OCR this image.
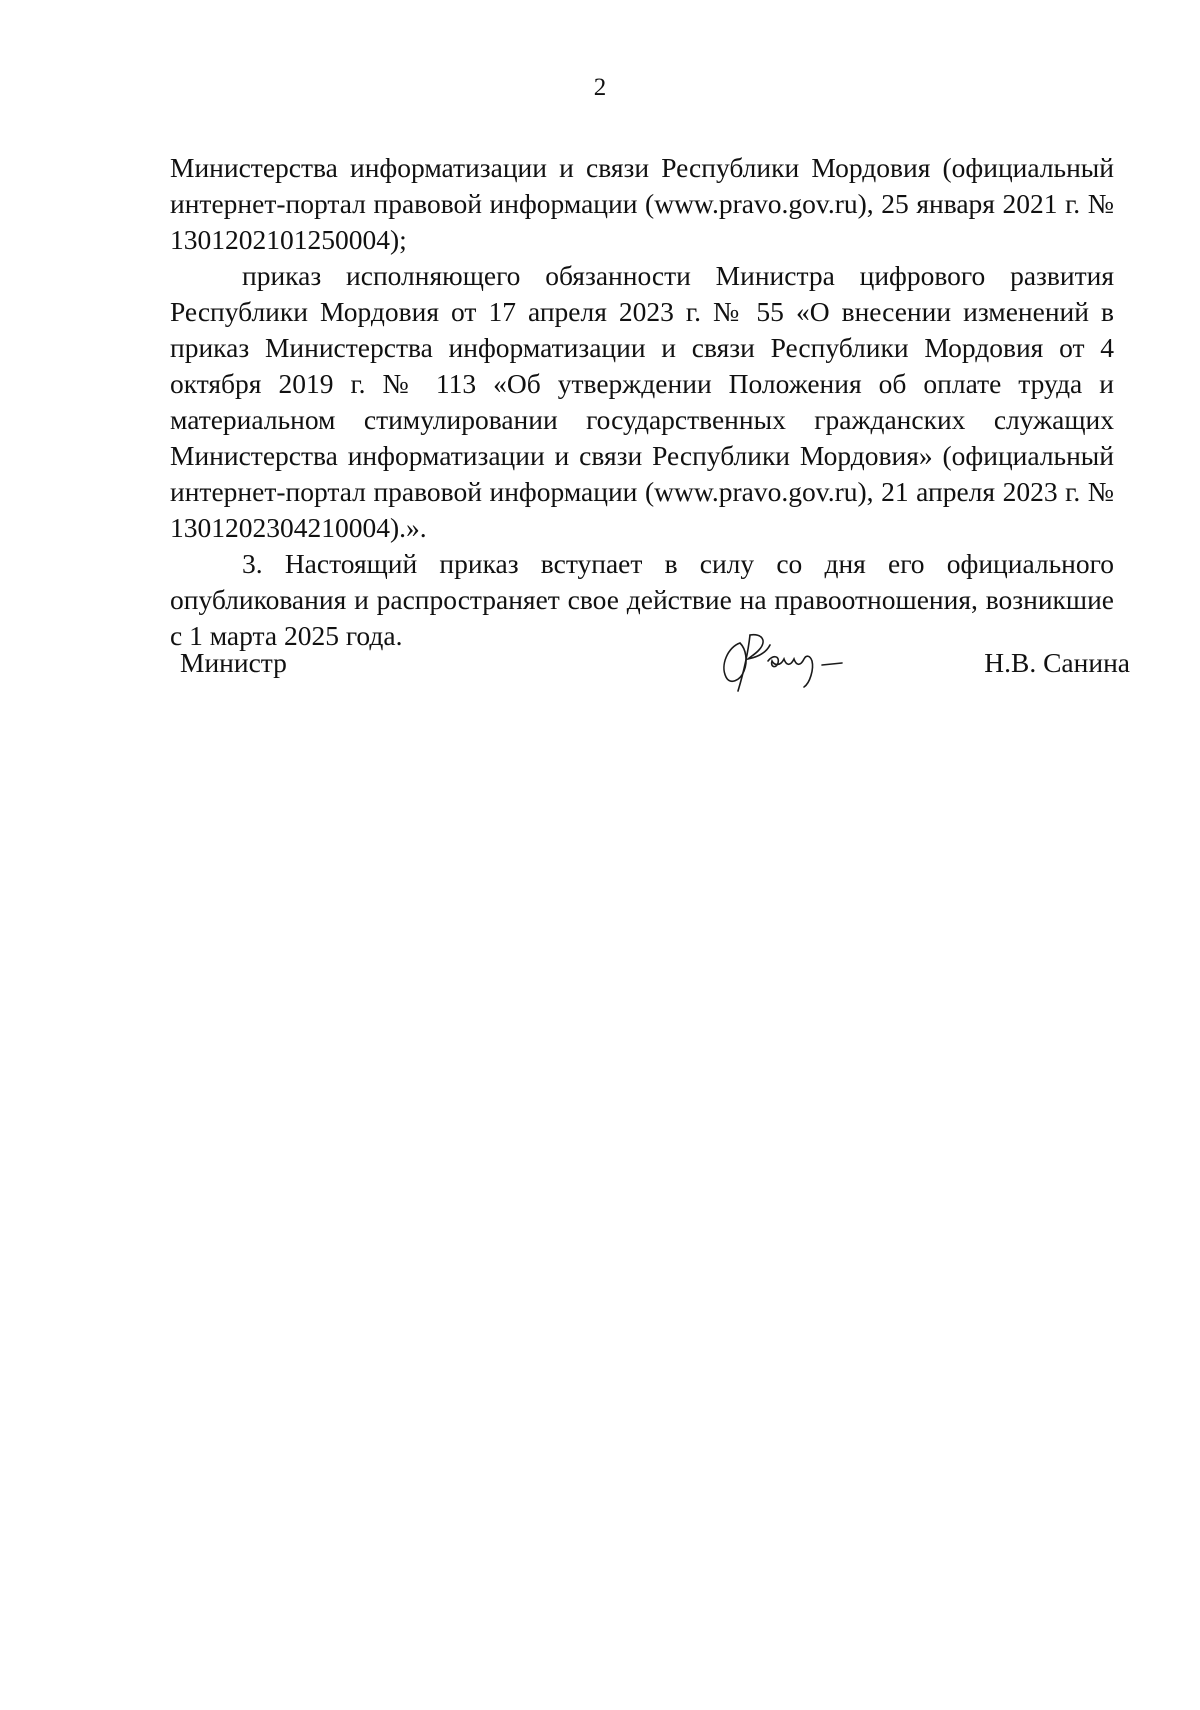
2

Министерства информатизации и связи Республики Мордовия (официальный интернет-портал правовой информации (www.pravo.gov.ru), 25 января 2021 г. № 1301202101250004);

приказ исполняющего обязанности Министра цифрового развития Республики Мордовия от 17 апреля 2023 г. № 55 «О внесении изменений в приказ Министерства информатизации и связи Республики Мордовия от 4 октября 2019 г. № 113 «Об утверждении Положения об оплате труда и материальном стимулировании государственных гражданских служащих Министерства информатизации и связи Республики Мордовия» (официальный интернет-портал правовой информации (www.pravo.gov.ru), 21 апреля 2023 г. № 1301202304210004).».

3. Настоящий приказ вступает в силу со дня его официального опубликования и распространяет свое действие на правоотношения, возникшие с 1 марта 2025 года.

Министр	Н.В. Санина
